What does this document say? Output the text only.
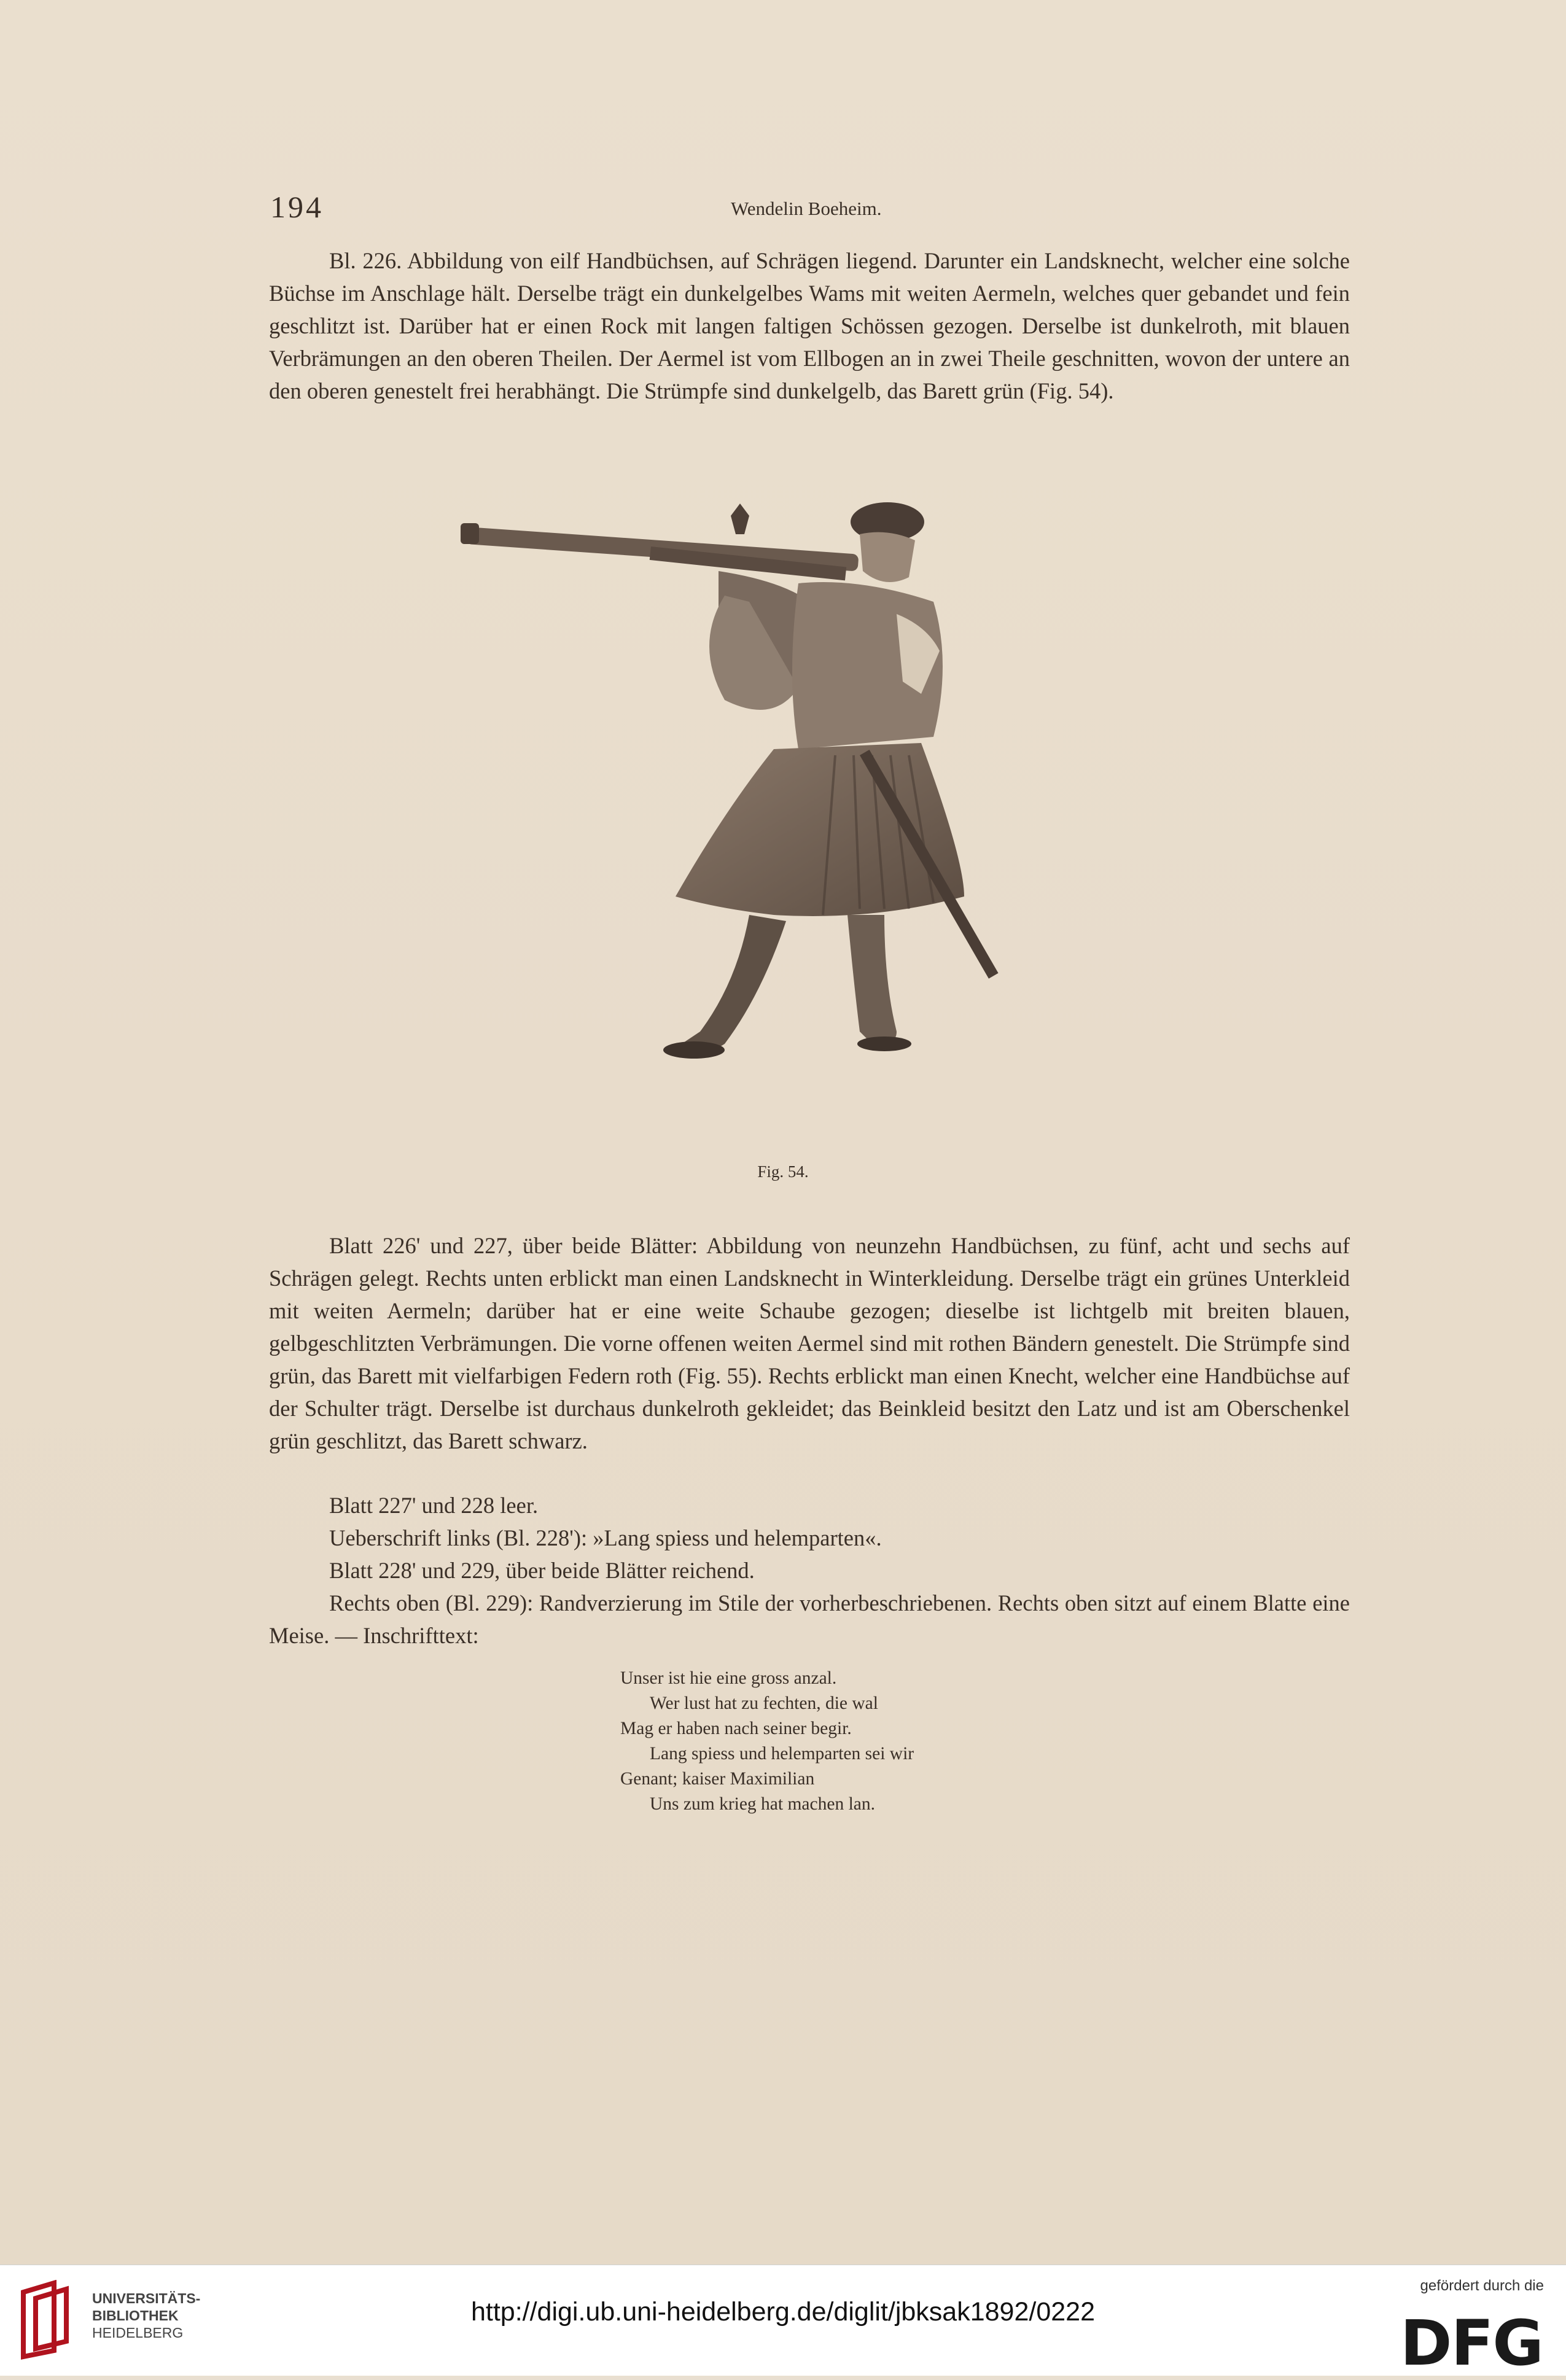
194	Wendelin Boeheim.

Bl. 226. Abbildung von eilf Handbüchsen, auf Schrägen liegend. Darunter ein Landsknecht, welcher eine solche Büchse im Anschlage hält. Derselbe trägt ein dunkelgelbes Wams mit weiten Aermeln, welches quer gebandet und fein geschlitzt ist. Darüber hat er einen Rock mit langen faltigen Schössen gezogen. Derselbe ist dunkelroth, mit blauen Verbrämungen an den oberen Theilen. Der Aermel ist vom Ellbogen an in zwei Theile geschnitten, wovon der untere an den oberen genestelt frei herabhängt. Die Strümpfe sind dunkelgelb, das Barett grün (Fig. 54).

Fig. 54.

Blatt 226' und 227, über beide Blätter: Abbildung von neunzehn Handbüchsen, zu fünf, acht und sechs auf Schrägen gelegt. Rechts unten erblickt man einen Landsknecht in Winterkleidung. Derselbe trägt ein grünes Unterkleid mit weiten Aermeln; darüber hat er eine weite Schaube gezogen; dieselbe ist lichtgelb mit breiten blauen, gelbgeschlitzten Verbrämungen. Die vorne offenen weiten Aermel sind mit rothen Bändern genestelt. Die Strümpfe sind grün, das Barett mit vielfarbigen Federn roth (Fig. 55). Rechts erblickt man einen Knecht, welcher eine Handbüchse auf der Schulter trägt. Derselbe ist durchaus dunkelroth gekleidet; das Beinkleid besitzt den Latz und ist am Oberschenkel grün geschlitzt, das Barett schwarz.

Blatt 227' und 228 leer.

Ueberschrift links (Bl. 228'): »Lang spiess und helemparten«.

Blatt 228' und 229, über beide Blätter reichend.

Rechts oben (Bl. 229): Randverzierung im Stile der vorherbeschriebenen. Rechts oben sitzt auf einem Blatte eine Meise. — Inschrifttext:

Unser ist hie eine gross anzal.
Wer lust hat zu fechten, die wal
Mag er haben nach seiner begir.
Lang spiess und helemparten sei wir
Genant; kaiser Maximilian
Uns zum krieg hat machen lan.
UNIVERSITÄTS-
BIBLIOTHEK
HEIDELBERG
http://digi.ub.uni-heidelberg.de/diglit/jbksak1892/0222
gefördert durch die
DFG
